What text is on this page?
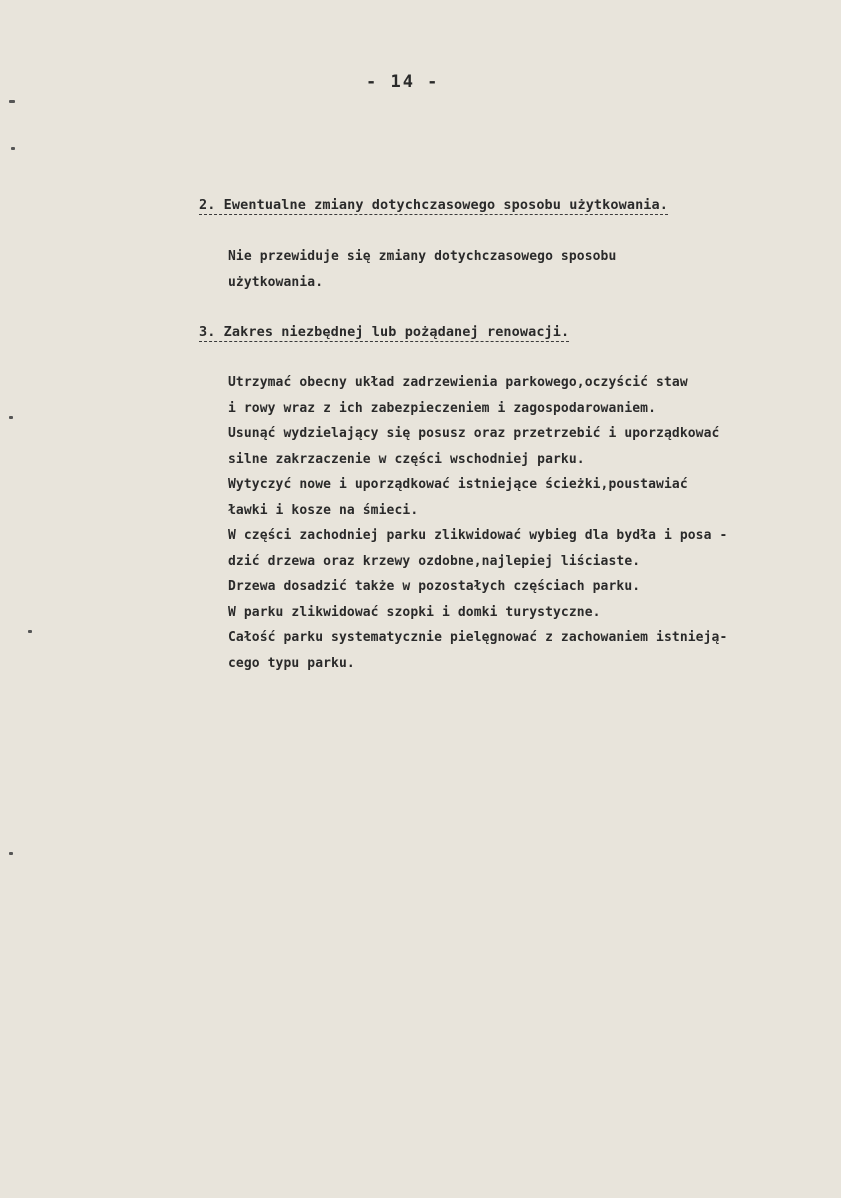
- 14 -
2. Ewentualne zmiany dotychczasowego sposobu użytkowania.
Nie przewiduje się zmiany dotychczasowego sposobu
użytkowania.
3. Zakres niezbędnej lub pożądanej renowacji.
Utrzymać obecny układ zadrzewienia parkowego,oczyścić staw
i rowy wraz z ich zabezpieczeniem i zagospodarowaniem.
Usunąć wydzielający się posusz oraz przetrzebić i uporządkować
silne zakrzaczenie w części wschodniej parku.
Wytyczyć nowe i uporządkować istniejące ścieżki,poustawiać
ławki i kosze na śmieci.
W części zachodniej parku zlikwidować wybieg dla bydła i posa -
dzić drzewa oraz krzewy ozdobne,najlepiej liściaste.
Drzewa dosadzić także w pozostałych częściach parku.
W parku zlikwidować szopki i domki turystyczne.
Całość parku systematycznie pielęgnować z zachowaniem istnieją-
cego typu parku.
